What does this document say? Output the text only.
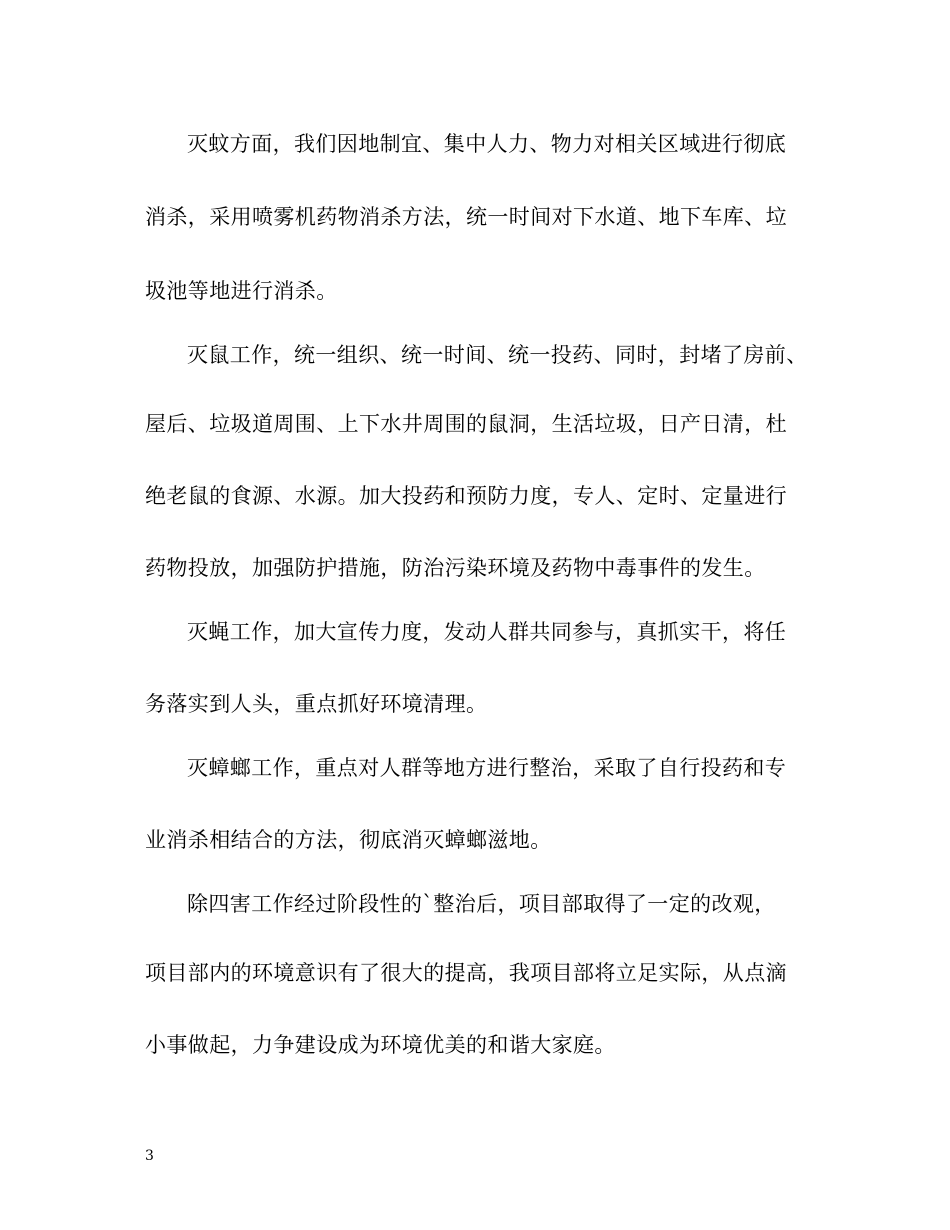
灭蚊方面，我们因地制宜、集中人力、物力对相关区域进行彻底
消杀，采用喷雾机药物消杀方法，统一时间对下水道、地下车库、垃
圾池等地进行消杀。
灭鼠工作，统一组织、统一时间、统一投药、同时，封堵了房前、
屋后、垃圾道周围、上下水井周围的鼠洞，生活垃圾，日产日清，杜
绝老鼠的食源、水源。加大投药和预防力度，专人、定时、定量进行
药物投放，加强防护措施，防治污染环境及药物中毒事件的发生。
灭蝇工作，加大宣传力度，发动人群共同参与，真抓实干，将任
务落实到人头，重点抓好环境清理。
灭蟑螂工作，重点对人群等地方进行整治，采取了自行投药和专
业消杀相结合的方法，彻底消灭蟑螂滋地。
除四害工作经过阶段性的`整治后，项目部取得了一定的改观，
项目部内的环境意识有了很大的提高，我项目部将立足实际，从点滴
小事做起，力争建设成为环境优美的和谐大家庭。
3
